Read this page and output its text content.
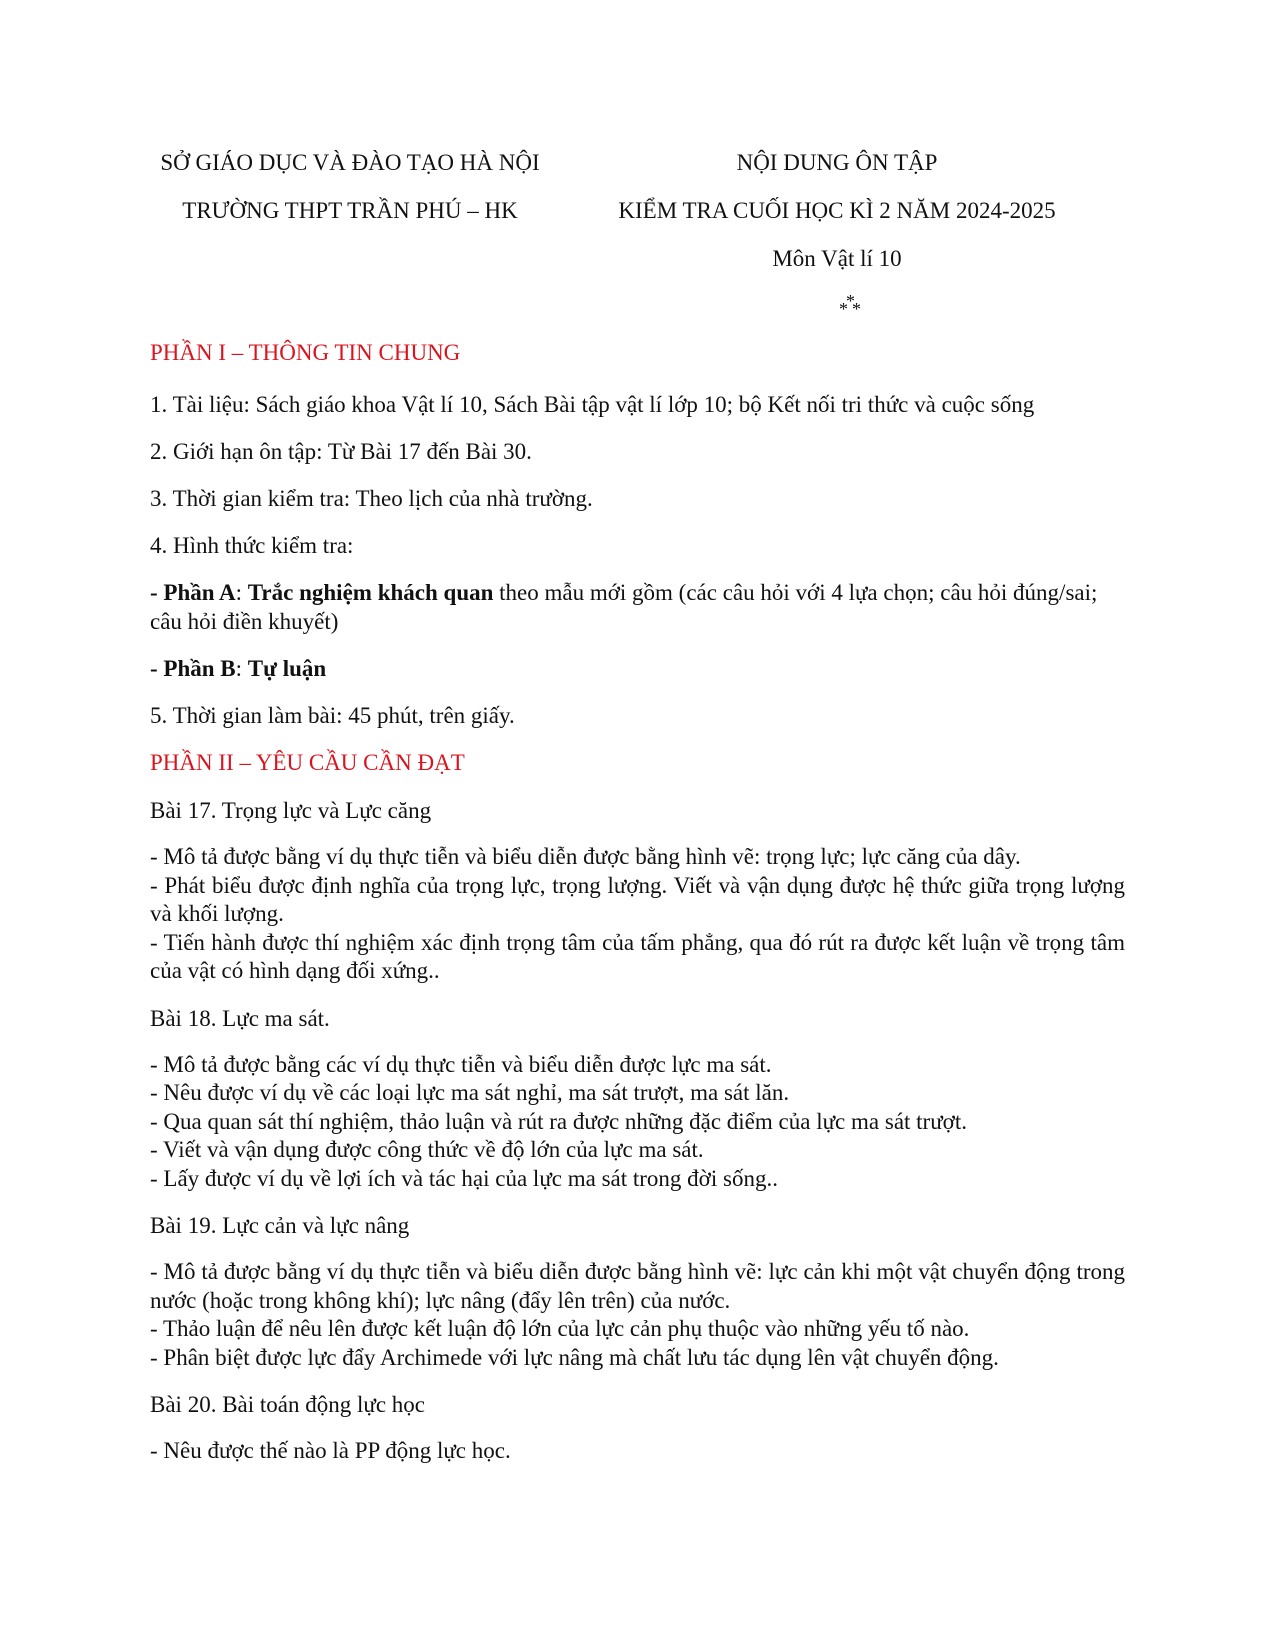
SỞ GIÁO DỤC VÀ ĐÀO TẠO HÀ NỘI
TRƯỜNG THPT TRẦN PHÚ – HK
NỘI DUNG ÔN TẬP
KIỂM TRA CUỐI HỌC KÌ 2 NĂM 2024-2025
Môn Vật lí 10
*
* *
PHẦN I – THÔNG TIN CHUNG

1. Tài liệu: Sách giáo khoa Vật lí 10, Sách Bài tập vật lí lớp 10; bộ Kết nối tri thức và cuộc sống

2. Giới hạn ôn tập: Từ Bài 17 đến Bài 30.

3. Thời gian kiểm tra: Theo lịch của nhà trường.

4. Hình thức kiểm tra:

- Phần A: Trắc nghiệm khách quan theo mẫu mới gồm (các câu hỏi với 4 lựa chọn; câu hỏi đúng/sai; câu hỏi điền khuyết)

- Phần B: Tự luận

5. Thời gian làm bài: 45 phút, trên giấy.

PHẦN II – YÊU CẦU CẦN ĐẠT

Bài 17. Trọng lực và Lực căng

- Mô tả được bằng ví dụ thực tiễn và biểu diễn được bằng hình vẽ: trọng lực; lực căng của dây.
- Phát biểu được định nghĩa của trọng lực, trọng lượng. Viết và vận dụng được hệ thức giữa trọng lượng và khối lượng.
- Tiến hành được thí nghiệm xác định trọng tâm của tấm phẳng, qua đó rút ra được kết luận về trọng tâm của vật có hình dạng đối xứng..

Bài 18. Lực ma sát.

- Mô tả được bằng các ví dụ thực tiễn và biểu diễn được lực ma sát.
- Nêu được ví dụ về các loại lực ma sát nghỉ, ma sát trượt, ma sát lăn.
- Qua quan sát thí nghiệm, thảo luận và rút ra được những đặc điểm của lực ma sát trượt.
- Viết và vận dụng được công thức về độ lớn của lực ma sát.
- Lấy được ví dụ về lợi ích và tác hại của lực ma sát trong đời sống..

Bài 19. Lực cản và lực nâng

- Mô tả được bằng ví dụ thực tiễn và biểu diễn được bằng hình vẽ: lực cản khi một vật chuyển động trong nước (hoặc trong không khí); lực nâng (đẩy lên trên) của nước.
- Thảo luận để nêu lên được kết luận độ lớn của lực cản phụ thuộc vào những yếu tố nào.
- Phân biệt được lực đẩy Archimede với lực nâng mà chất lưu tác dụng lên vật chuyển động.

Bài 20. Bài toán động lực học

- Nêu được thế nào là PP động lực học.
